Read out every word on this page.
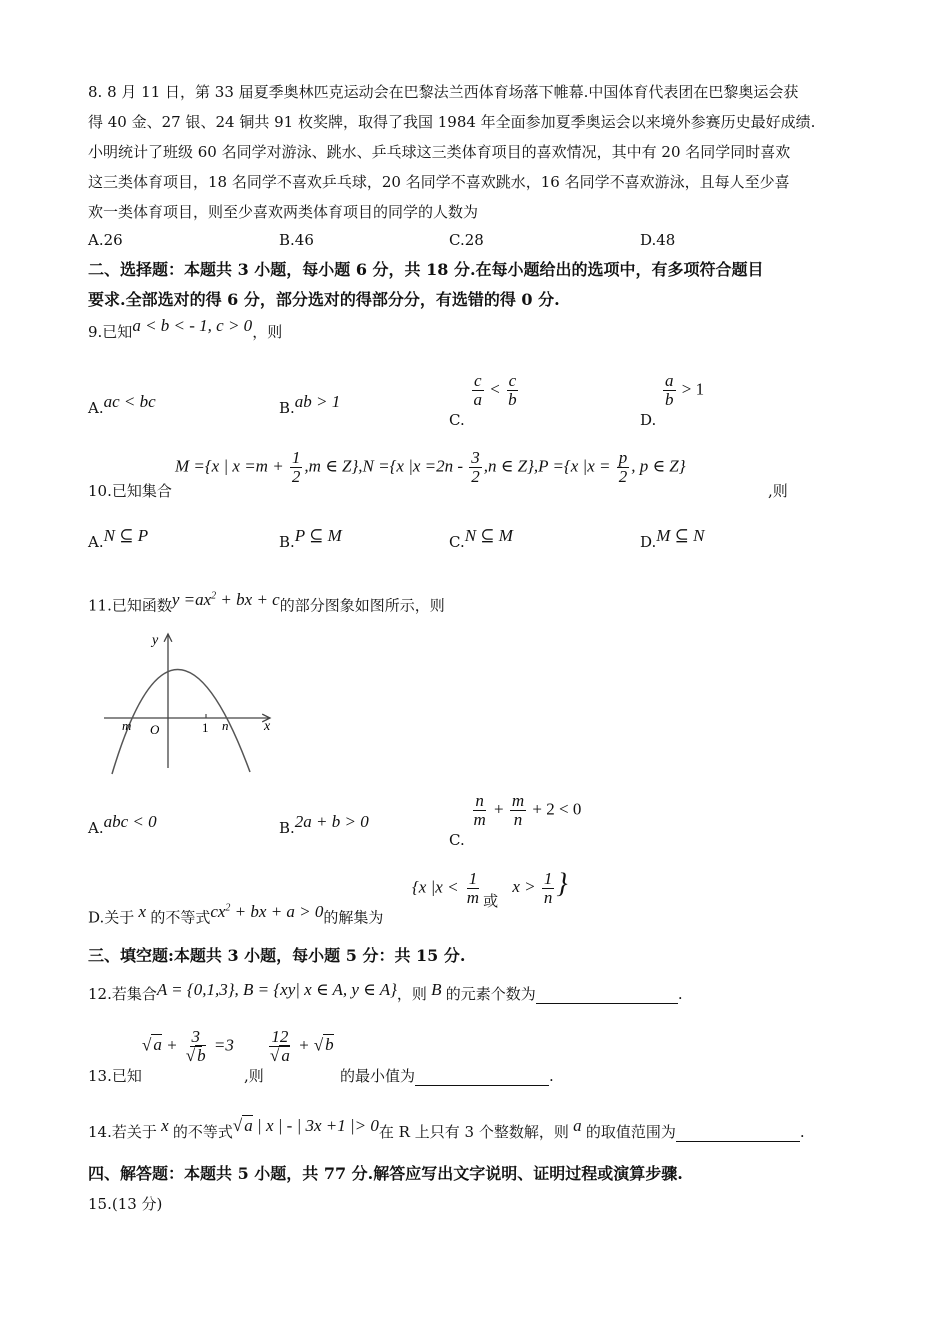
8. 8 月 11 日，第 33 届夏季奥林匹克运动会在巴黎法兰西体育场落下帷幕.中国体育代表团在巴黎奥运会获
得 40 金、27 银、24 铜共 91 枚奖牌，取得了我国 1984 年全面参加夏季奥运会以来境外参赛历史最好成绩.
小明统计了班级 60 名同学对游泳、跳水、乒乓球这三类体育项目的喜欢情况，其中有 20 名同学同时喜欢
这三类体育项目，18 名同学不喜欢乒乓球，20 名同学不喜欢跳水，16 名同学不喜欢游泳，且每人至少喜
欢一类体育项目，则至少喜欢两类体育项目的同学的人数为
A.26	B.46	C.28	D.48
二、选择题：本题共 3 小题，每小题 6 分，共 18 分.在每小题给出的选项中，有多项符合题目
要求.全部选对的得 6 分，部分选对的得部分分，有选错的得 0 分.
9.已知a < b < - 1, c > 0，则
A.ac < bc	B.ab > 1
C.
$\frac{c}{a} < \frac{c}{b}$
D.
$\frac{a}{b} > 1$
10.已知集合
M ={x | $x =m + \frac{1}{2} ,m$ ∈ Z},N ={x $|x =2n - \frac{3}{2} ,n$ ∈ Z},P ={x $|x = \frac{p}{2}$ , p ∈ Z}
,则
A.N ⊆ P	B.P ⊆ M	C.N ⊆ M	D.M ⊆ N
11.已知函数$y =ax^2$ + bx + c的部分图象如图所示，则
y
x
m O	1 n
A.abc < 0	B.2a + b > 0
C.
$\frac{n}{m} + \frac{m}{n} + 2 < 0$
D.关于 x 的不等式$cx^2$ + bx + a > 0的解集为
{x $|x < \frac{1}{m}$ 或 $x > \frac{1}{n}$ }
三、填空题:本题共 3 小题，每小题 5 分：共 15 分.
12.若集合A = {0,1,3}, B = {xy| x ∈ A, y ∈ A}，则 B 的元素个数为	.
13.已知
√ $a + \frac{3}{√ b} =3$
,则
$\frac{12}{√ a}$ + √ b
的最小值为	.
14.若关于 x 的不等式√ a | x | - | 3x +1 |> 0在 R 上只有 3 个整数解，则 a 的取值范围为	.
四、解答题：本题共 5 小题，共 77 分.解答应写出文字说明、证明过程或演算步骤.
15.(13 分)
